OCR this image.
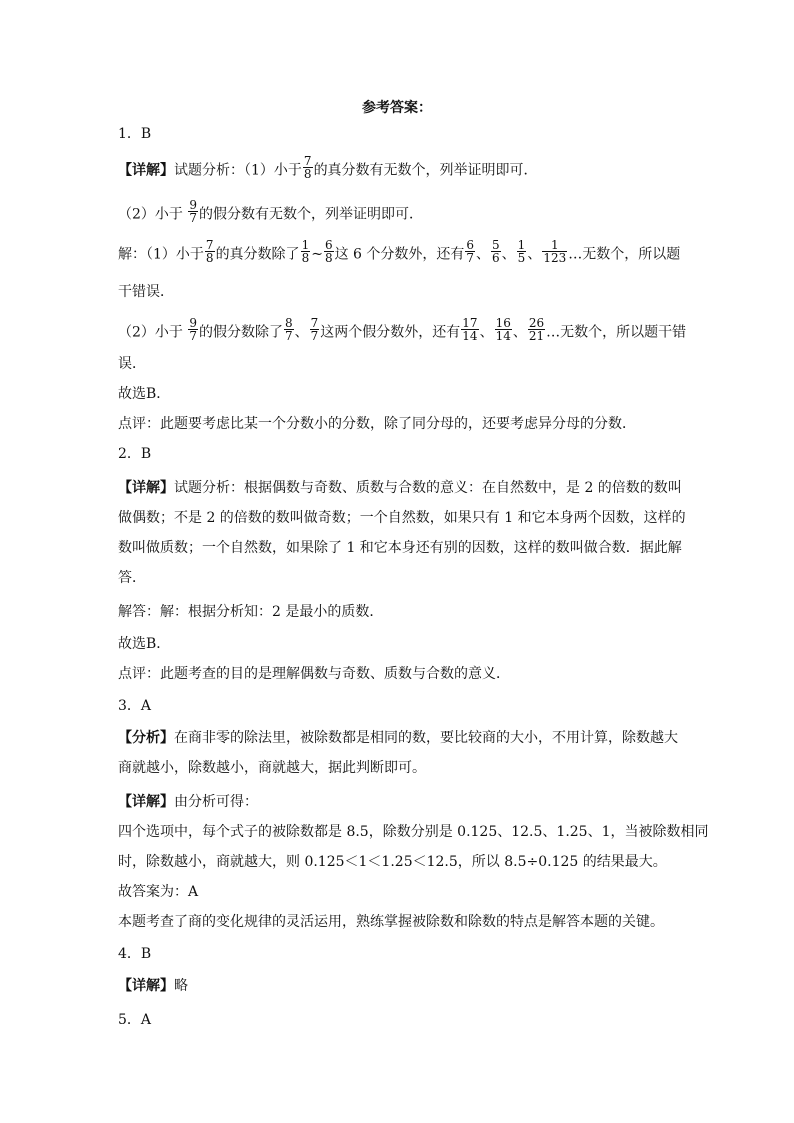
参考答案：
1．B
【详解】试题分析：（1）小于 $\frac{7}{8}$ 的真分数有无数个，列举证明即可．
（2）小于 $\frac{9}{7}$ 的假分数有无数个，列举证明即可．
解：（1）小于 $\frac{7}{8}$ 的真分数除了 $\frac{1}{8}$ ~ $\frac{6}{8}$ 这 6 个分数外，还有 $\frac{6}{7}$ 、 $\frac{5}{6}$ 、 $\frac{1}{5}$ 、 $\frac{1}{123}$ …无数个，所以题
干错误．
（2）小于 $\frac{9}{7}$ 的假分数除了 $\frac{8}{7}$ 、 $\frac{7}{7}$ 这两个假分数外，还有 $\frac{17}{14}$ 、 $\frac{16}{14}$ 、 $\frac{26}{21}$ …无数个，所以题干错
误．
故选B．
点评：此题要考虑比某一个分数小的分数，除了同分母的，还要考虑异分母的分数．
2．B
【详解】试题分析：根据偶数与奇数、质数与合数的意义：在自然数中，是 2 的倍数的数叫
做偶数；不是 2 的倍数的数叫做奇数；一个自然数，如果只有 1 和它本身两个因数，这样的
数叫做质数；一个自然数，如果除了 1 和它本身还有别的因数，这样的数叫做合数．据此解
答．
解答：解：根据分析知：2 是最小的质数．
故选B．
点评：此题考查的目的是理解偶数与奇数、质数与合数的意义．
3．A
【分析】在商非零的除法里，被除数都是相同的数，要比较商的大小，不用计算，除数越大
商就越小，除数越小，商就越大，据此判断即可。
【详解】由分析可得：
四个选项中，每个式子的被除数都是 8.5，除数分别是 0.125、12.5、1.25、1，当被除数相同
时，除数越小，商就越大，则 0.125＜1＜1.25＜12.5，所以 8.5÷0.125 的结果最大。
故答案为：A
本题考查了商的变化规律的灵活运用，熟练掌握被除数和除数的特点是解答本题的关键。
4．B
【详解】略
5．A
